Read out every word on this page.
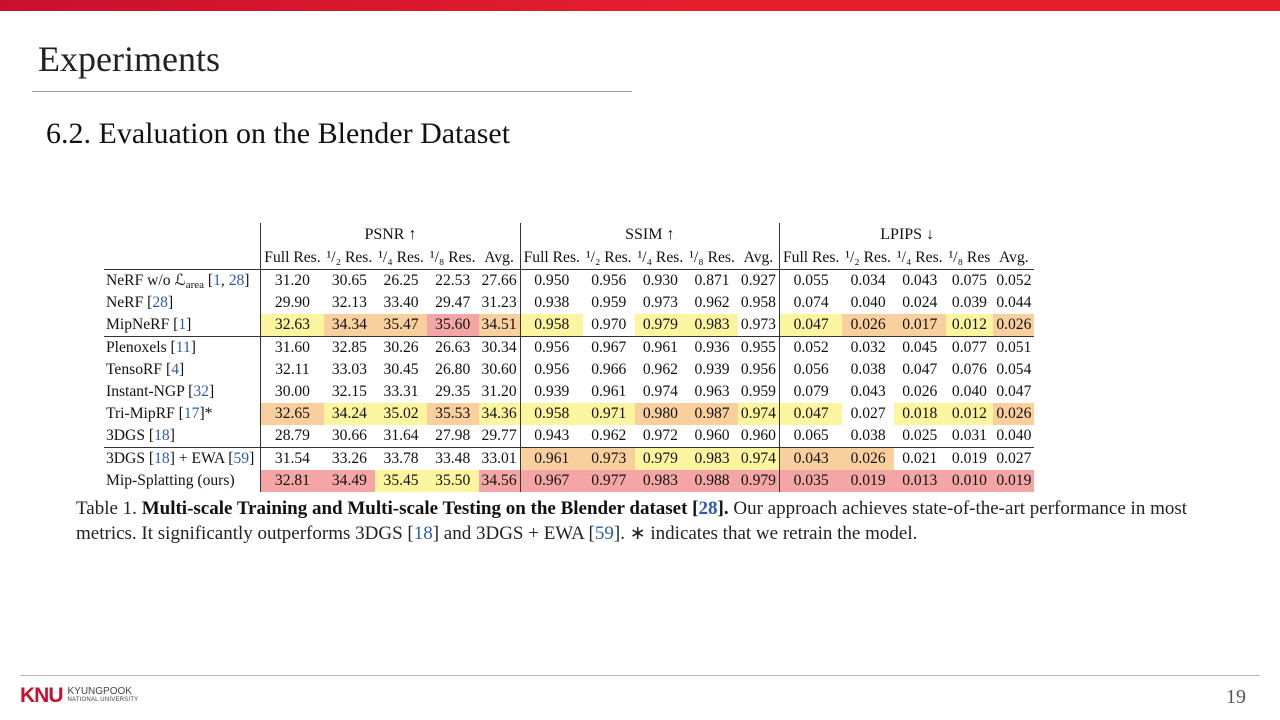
Experiments
6.2. Evaluation on the Blender Dataset
	PSNR ↑					SSIM ↑					LPIPS ↓				
	Full Res.	¹/₂ Res.	¹/₄ Res.	¹/₈ Res.	Avg.	Full Res.	¹/₂ Res.	¹/₄ Res.	¹/₈ Res.	Avg.	Full Res.	¹/₂ Res.	¹/₄ Res.	¹/₈ Res	Avg.
NeRF w/o ℒ$_{area}$ [1, 28]	31.20	30.65	26.25	22.53	27.66	0.950	0.956	0.930	0.871	0.927	0.055	0.034	0.043	0.075	0.052
NeRF [28]	29.90	32.13	33.40	29.47	31.23	0.938	0.959	0.973	0.962	0.958	0.074	0.040	0.024	0.039	0.044
MipNeRF [1]	32.63	34.34	35.47	35.60	34.51	0.958	0.970	0.979	0.983	0.973	0.047	0.026	0.017	0.012	0.026
Plenoxels [11]	31.60	32.85	30.26	26.63	30.34	0.956	0.967	0.961	0.936	0.955	0.052	0.032	0.045	0.077	0.051
TensoRF [4]	32.11	33.03	30.45	26.80	30.60	0.956	0.966	0.962	0.939	0.956	0.056	0.038	0.047	0.076	0.054
Instant-NGP [32]	30.00	32.15	33.31	29.35	31.20	0.939	0.961	0.974	0.963	0.959	0.079	0.043	0.026	0.040	0.047
Tri-MipRF [17]*	32.65	34.24	35.02	35.53	34.36	0.958	0.971	0.980	0.987	0.974	0.047	0.027	0.018	0.012	0.026
3DGS [18]	28.79	30.66	31.64	27.98	29.77	0.943	0.962	0.972	0.960	0.960	0.065	0.038	0.025	0.031	0.040
3DGS [18] + EWA [59]	31.54	33.26	33.78	33.48	33.01	0.961	0.973	0.979	0.983	0.974	0.043	0.026	0.021	0.019	0.027
Mip-Splatting (ours)	32.81	34.49	35.45	35.50	34.56	0.967	0.977	0.983	0.988	0.979	0.035	0.019	0.013	0.010	0.019
Table 1. Multi-scale Training and Multi-scale Testing on the Blender dataset [28]. Our approach achieves state-of-the-art performance in most metrics. It significantly outperforms 3DGS [18] and 3DGS + EWA [59]. ∗ indicates that we retrain the model.
KNU KYUNGPOOK
NATIONAL UNIVERSITY	19
